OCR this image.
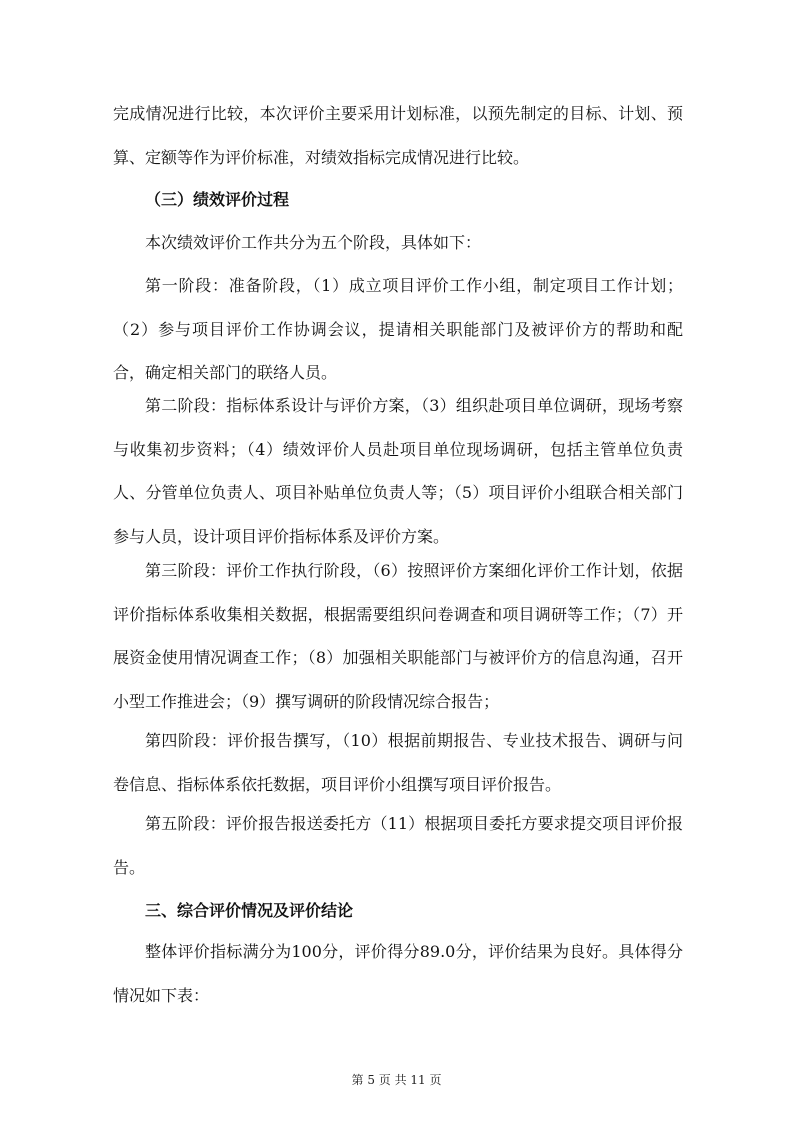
完成情况进行比较，本次评价主要采用计划标准，以预先制定的目标、计划、预算、定额等作为评价标准，对绩效指标完成情况进行比较。
（三）绩效评价过程
本次绩效评价工作共分为五个阶段，具体如下：
第一阶段：准备阶段，（1）成立项目评价工作小组，制定项目工作计划；（2）参与项目评价工作协调会议，提请相关职能部门及被评价方的帮助和配合，确定相关部门的联络人员。
第二阶段：指标体系设计与评价方案，（3）组织赴项目单位调研，现场考察与收集初步资料；（4）绩效评价人员赴项目单位现场调研，包括主管单位负责人、分管单位负责人、项目补贴单位负责人等；（5）项目评价小组联合相关部门参与人员，设计项目评价指标体系及评价方案。
第三阶段：评价工作执行阶段，（6）按照评价方案细化评价工作计划，依据评价指标体系收集相关数据，根据需要组织问卷调查和项目调研等工作；（7）开展资金使用情况调查工作；（8）加强相关职能部门与被评价方的信息沟通，召开小型工作推进会；（9）撰写调研的阶段情况综合报告；
第四阶段：评价报告撰写，（10）根据前期报告、专业技术报告、调研与问卷信息、指标体系依托数据，项目评价小组撰写项目评价报告。
第五阶段：评价报告报送委托方（11）根据项目委托方要求提交项目评价报告。
三、综合评价情况及评价结论
整体评价指标满分为100分，评价得分89.0分，评价结果为良好。具体得分情况如下表：
第 5 页 共 11 页
